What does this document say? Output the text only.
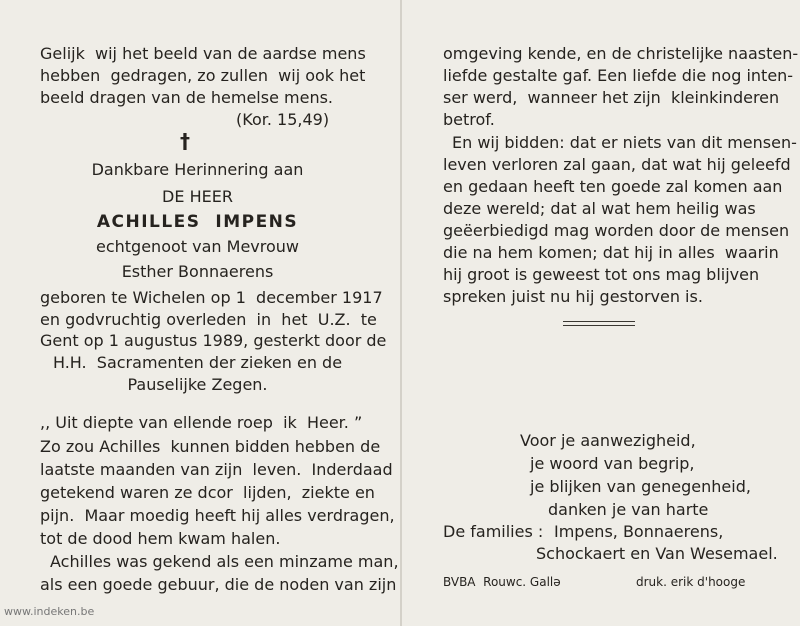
Gelijk  wij het beeld van de aardse mens
hebben  gedragen, zo zullen  wij ook het
beeld dragen van de hemelse mens.
(Kor. 15,49)
†
Dankbare Herinnering aan
DE HEER
ACHILLES  IMPENS
echtgenoot van Mevrouw
Esther Bonnaerens
geboren te Wichelen op 1  december 1917
en godvruchtig overleden  in  het  U.Z.  te
Gent op 1 augustus 1989, gesterkt door de
H.H.  Sacramenten der zieken en de
Pauselijke Zegen.
,, Uit diepte van ellende roep  ik  Heer. ”
Zo zou Achilles  kunnen bidden hebben de
laatste maanden van zijn  leven.  Inderdaad
getekend waren ze dcor  lijden,  ziekte en
pijn.  Maar moedig heeft hij alles verdragen,
tot de dood hem kwam halen.
Achilles was gekend als een minzame man,
als een goede gebuur, die de noden van zijn
omgeving kende, en de christelijke naasten-
liefde gestalte gaf. Een liefde die nog inten-
ser werd,  wanneer het zijn  kleinkinderen
betrof.
En wij bidden: dat er niets van dit mensen-
leven verloren zal gaan, dat wat hij geleefd
en gedaan heeft ten goede zal komen aan
deze wereld; dat al wat hem heilig was
geëerbiedigd mag worden door de mensen
die na hem komen; dat hij in alles  waarin
hij groot is geweest tot ons mag blijven
spreken juist nu hij gestorven is.
Voor je aanwezigheid,
je woord van begrip,
je blijken van genegenheid,
danken je van harte
De families : Impens, Bonnaerens,
Schockaert en Van Wesemael.
BVBA  Rouwc. Gallə	druk. erik d'hooge
www.indeken.be
